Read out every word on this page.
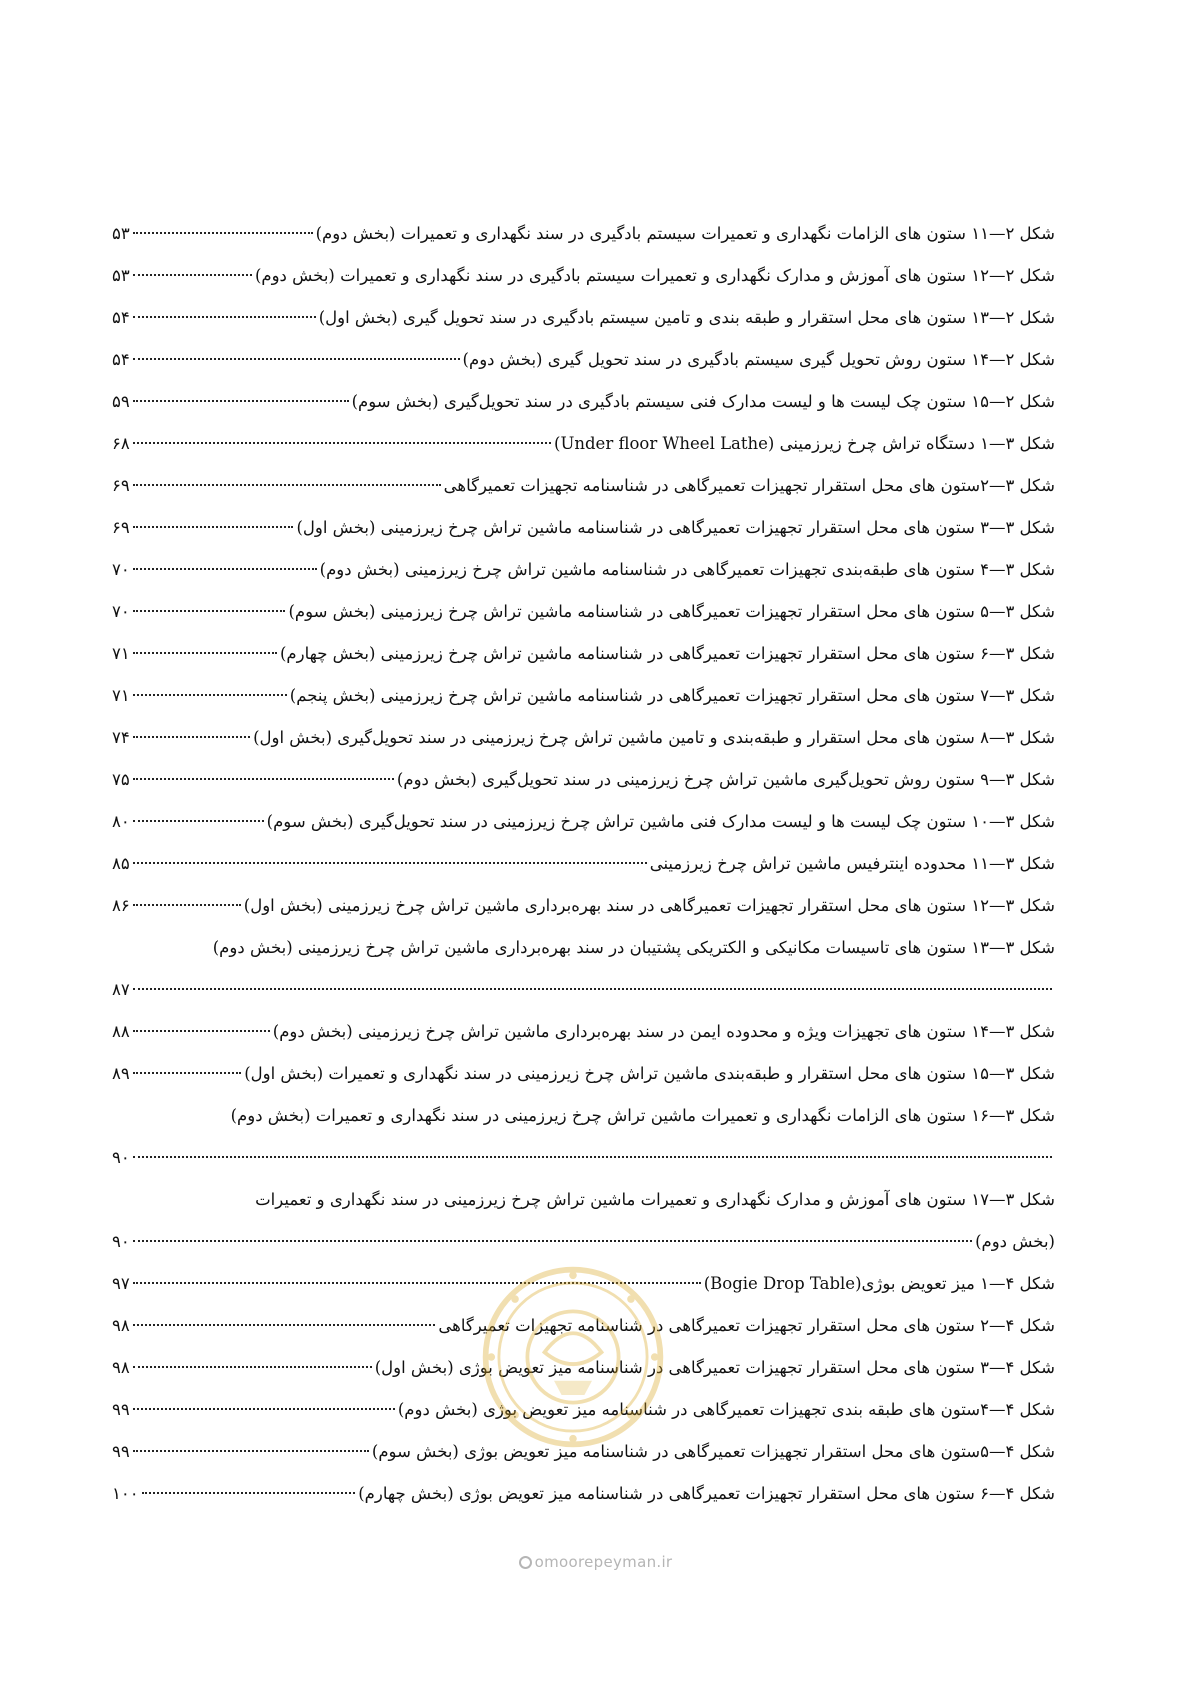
شکل ۲—۱۱ ستون های الزامات نگهداری و تعمیرات سیستم بادگیری در سند نگهداری و تعمیرات (بخش دوم)
۵۳
شکل ۲—۱۲ ستون های آموزش و مدارک نگهداری و تعمیرات سیستم بادگیری در سند نگهداری و تعمیرات (بخش دوم)
۵۳
شکل ۲—۱۳ ستون های محل استقرار و طبقه بندی و تامین سیستم بادگیری در سند تحویل گیری (بخش اول)
۵۴
شکل ۲—۱۴ ستون روش تحویل گیری سیستم بادگیری در سند تحویل گیری (بخش دوم)
۵۴
شکل ۲—۱۵ ستون چک لیست ها و لیست مدارک فنی سیستم بادگیری در سند تحویل‌گیری (بخش سوم)
۵۹
شکل ۳—۱ دستگاه تراش چرخ زیرزمینی (Under floor Wheel Lathe)
۶۸
شکل ۳—۲ستون های محل استقرار تجهیزات تعمیرگاهی در شناسنامه تجهیزات تعمیرگاهی
۶۹
شکل ۳—۳ ستون های محل استقرار تجهیزات تعمیرگاهی در شناسنامه ماشین تراش چرخ زیرزمینی (بخش اول)
۶۹
شکل ۳—۴ ستون های طبقه‌بندی تجهیزات تعمیرگاهی در شناسنامه ماشین تراش چرخ زیرزمینی (بخش دوم)
۷۰
شکل ۳—۵ ستون های محل استقرار تجهیزات تعمیرگاهی در شناسنامه ماشین تراش چرخ زیرزمینی (بخش سوم)
۷۰
شکل ۳—۶ ستون های محل استقرار تجهیزات تعمیرگاهی در شناسنامه ماشین تراش چرخ زیرزمینی (بخش چهارم)
۷۱
شکل ۳—۷ ستون های محل استقرار تجهیزات تعمیرگاهی در شناسنامه ماشین تراش چرخ زیرزمینی (بخش پنجم)
۷۱
شکل ۳—۸ ستون های محل استقرار و طبقه‌بندی و تامین ماشین تراش چرخ زیرزمینی در سند تحویل‌گیری (بخش اول)
۷۴
شکل ۳—۹ ستون روش تحویل‌گیری ماشین تراش چرخ زیرزمینی در سند تحویل‌گیری (بخش دوم)
۷۵
شکل ۳—۱۰ ستون چک لیست ها و لیست مدارک فنی ماشین تراش چرخ زیرزمینی در سند تحویل‌گیری (بخش سوم)
۸۰
شکل ۳—۱۱ محدوده اینترفیس ماشین تراش چرخ زیرزمینی
۸۵
شکل ۳—۱۲ ستون های محل استقرار تجهیزات تعمیرگاهی در سند بهره‌برداری ماشین تراش چرخ زیرزمینی (بخش اول)
۸۶
شکل ۳—۱۳ ستون های تاسیسات مکانیکی و الکتریکی پشتیبان در سند بهره‌برداری ماشین تراش چرخ زیرزمینی (بخش دوم)
۸۷
شکل ۳—۱۴ ستون های تجهیزات ویژه و محدوده ایمن در سند بهره‌برداری ماشین تراش چرخ زیرزمینی (بخش دوم)
۸۸
شکل ۳—۱۵ ستون های محل استقرار و طبقه‌بندی ماشین تراش چرخ زیرزمینی در سند نگهداری و تعمیرات (بخش اول)
۸۹
شکل ۳—۱۶ ستون های الزامات نگهداری و تعمیرات ماشین تراش چرخ زیرزمینی در سند نگهداری و تعمیرات (بخش دوم)
۹۰
شکل ۳—۱۷ ستون های آموزش و مدارک نگهداری و تعمیرات ماشین تراش چرخ زیرزمینی در سند نگهداری و تعمیرات
(بخش دوم)
۹۰
شکل ۴—۱ میز تعویض بوژی(Bogie Drop Table)
۹۷
شکل ۴—۲ ستون های محل استقرار تجهیزات تعمیرگاهی در شناسنامه تجهیزات تعمیرگاهی
۹۸
شکل ۴—۳ ستون های محل استقرار تجهیزات تعمیرگاهی در شناسنامه میز تعویض بوژی (بخش اول)
۹۸
شکل ۴—۴ستون های طبقه بندی تجهیزات تعمیرگاهی در شناسنامه میز تعویض بوژی (بخش دوم)
۹۹
شکل ۴—۵ستون های محل استقرار تجهیزات تعمیرگاهی در شناسنامه میز تعویض بوژی (بخش سوم)
۹۹
شکل ۴—۶ ستون های محل استقرار تجهیزات تعمیرگاهی در شناسنامه میز تعویض بوژی (بخش چهارم)
۱۰۰
omoorepeyman.ir
